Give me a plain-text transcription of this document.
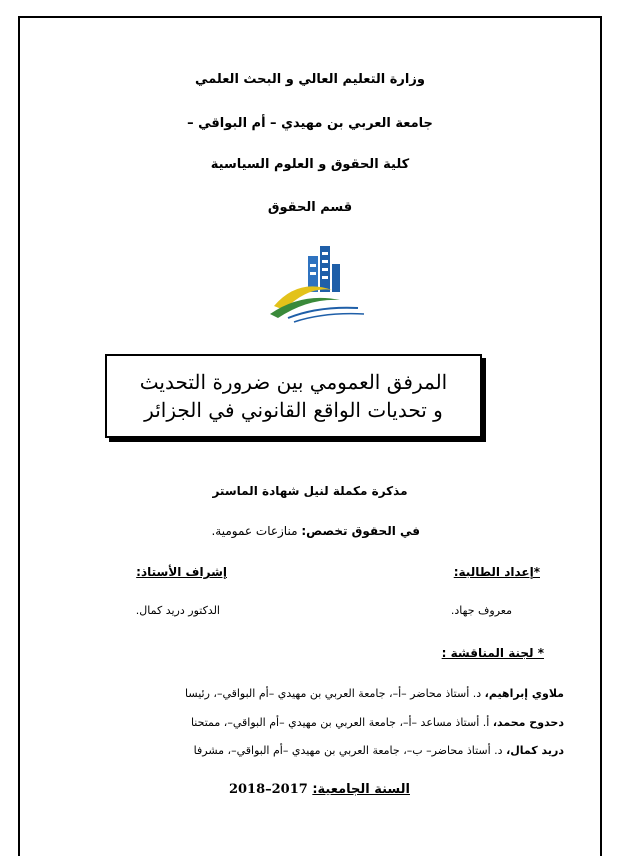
وزارة التعليم العالي و البحث العلمي
جامعة العربي بن مهيدي – أم البواقي –
كلية الحقوق و العلوم السياسية
قسم الحقوق
المرفق العمومي بين ضرورة التحديث
و تحديات الواقع القانوني في الجزائر
مذكرة مكملة لنيل شهادة الماستر
في الحقوق تخصص: منازعات عمومية.
*إعداد الطالبة:
إشراف الأستاذ:
معروف جهاد.
الدكتور دريد كمال.
* لجنة المناقشة :
ملاوي إبراهيم، د. أستاذ محاضر –أ–، جامعة العربي بن مهيدي –أم البواقي–، رئيسا
دحدوح محمد، أ. أستاذ مساعد –أ–، جامعة العربي بن مهيدي –أم البواقي–، ممتحنا
دريد كمال، د. أستاذ محاضر– ب–، جامعة العربي بن مهيدي –أم البواقي–، مشرفا
السنة الجامعية: 2017–2018
